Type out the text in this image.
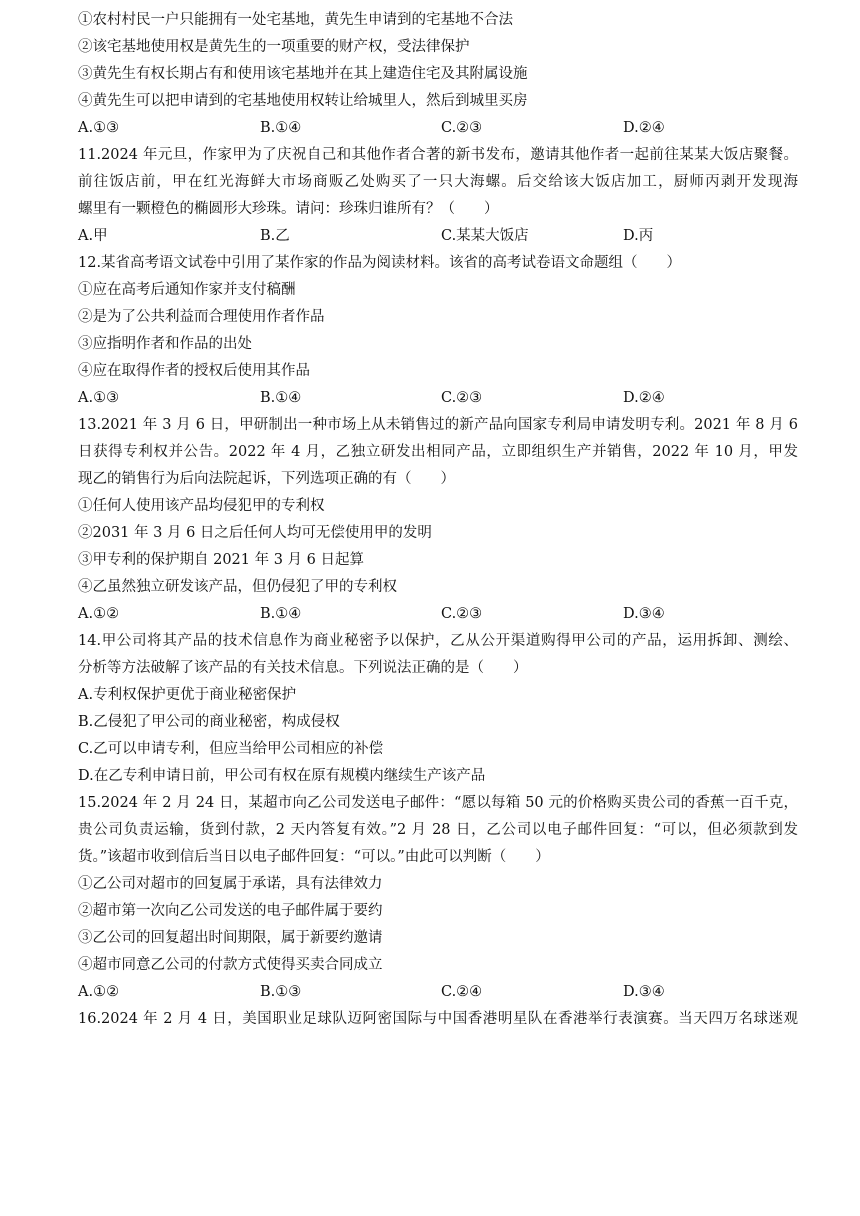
①农村村民一户只能拥有一处宅基地，黄先生申请到的宅基地不合法
②该宅基地使用权是黄先生的一项重要的财产权，受法律保护
③黄先生有权长期占有和使用该宅基地并在其上建造住宅及其附属设施
④黄先生可以把申请到的宅基地使用权转让给城里人，然后到城里买房
A.①③	B.①④	C.②③	D.②④
11.2024 年元旦，作家甲为了庆祝自己和其他作者合著的新书发布，邀请其他作者一起前往某某大饭店聚餐。
前往饭店前，甲在红光海鲜大市场商贩乙处购买了一只大海螺。后交给该大饭店加工，厨师丙剥开发现海
螺里有一颗橙色的椭圆形大珍珠。请问：珍珠归谁所有？（　　）
A.甲	B.乙	C.某某大饭店	D.丙
12.某省高考语文试卷中引用了某作家的作品为阅读材料。该省的高考试卷语文命题组（　　）
①应在高考后通知作家并支付稿酬
②是为了公共利益而合理使用作者作品
③应指明作者和作品的出处
④应在取得作者的授权后使用其作品
A.①③	B.①④	C.②③	D.②④
13.2021 年 3 月 6 日，甲研制出一种市场上从未销售过的新产品向国家专利局申请发明专利。2021 年 8 月 6
日获得专利权并公告。2022 年 4 月，乙独立研发出相同产品，立即组织生产并销售，2022 年 10 月，甲发
现乙的销售行为后向法院起诉，下列选项正确的有（　　）
①任何人使用该产品均侵犯甲的专利权
②2031 年 3 月 6 日之后任何人均可无偿使用甲的发明
③甲专利的保护期自 2021 年 3 月 6 日起算
④乙虽然独立研发该产品，但仍侵犯了甲的专利权
A.①②	B.①④	C.②③	D.③④
14.甲公司将其产品的技术信息作为商业秘密予以保护，乙从公开渠道购得甲公司的产品，运用拆卸、测绘、
分析等方法破解了该产品的有关技术信息。下列说法正确的是（　　）
A.专利权保护更优于商业秘密保护
B.乙侵犯了甲公司的商业秘密，构成侵权
C.乙可以申请专利，但应当给甲公司相应的补偿
D.在乙专利申请日前，甲公司有权在原有规模内继续生产该产品
15.2024 年 2 月 24 日，某超市向乙公司发送电子邮件：“愿以每箱 50 元的价格购买贵公司的香蕉一百千克，
贵公司负责运输，货到付款，2 天内答复有效。”2 月 28 日，乙公司以电子邮件回复：“可以，但必须款到发
货。”该超市收到信后当日以电子邮件回复：“可以。”由此可以判断（　　）
①乙公司对超市的回复属于承诺，具有法律效力
②超市第一次向乙公司发送的电子邮件属于要约
③乙公司的回复超出时间期限，属于新要约邀请
④超市同意乙公司的付款方式使得买卖合同成立
A.①②	B.①③	C.②④	D.③④
16.2024 年 2 月 4 日，美国职业足球队迈阿密国际与中国香港明星队在香港举行表演赛。当天四万名球迷观
